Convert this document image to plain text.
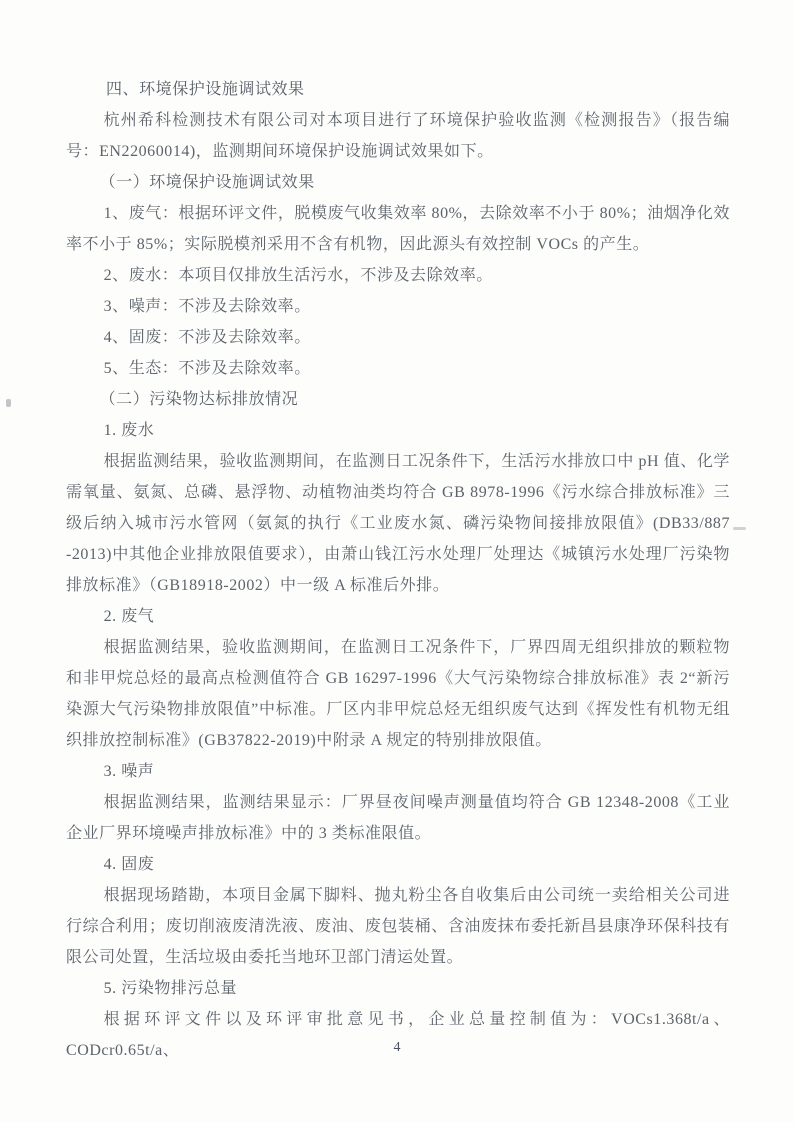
四、环境保护设施调试效果

杭州希科检测技术有限公司对本项目进行了环境保护验收监测《检测报告》（报告编号：EN22060014)，监测期间环境保护设施调试效果如下。

（一）环境保护设施调试效果

1、废气：根据环评文件，脱模废气收集效率 80%，去除效率不小于 80%；油烟净化效率不小于 85%；实际脱模剂采用不含有机物，因此源头有效控制 VOCs 的产生。

2、废水：本项目仅排放生活污水，不涉及去除效率。

3、噪声：不涉及去除效率。

4、固废：不涉及去除效率。

5、生态：不涉及去除效率。

（二）污染物达标排放情况
1. 废水

根据监测结果，验收监测期间，在监测日工况条件下，生活污水排放口中 pH 值、化学需氧量、氨氮、总磷、悬浮物、动植物油类均符合 GB 8978-1996《污水综合排放标准》三级后纳入城市污水管网（氨氮的执行《工业废水氮、磷污染物间接排放限值》(DB33/887 -2013)中其他企业排放限值要求），由萧山钱江污水处理厂处理达《城镇污水处理厂污染物排放标准》（GB18918-2002）中一级 A 标准后外排。

2. 废气

根据监测结果，验收监测期间，在监测日工况条件下，厂界四周无组织排放的颗粒物和非甲烷总烃的最高点检测值符合 GB 16297-1996《大气污染物综合排放标准》表 2“新污染源大气污染物排放限值”中标准。厂区内非甲烷总烃无组织废气达到《挥发性有机物无组织排放控制标准》(GB37822-2019)中附录 A 规定的特别排放限值。

3. 噪声

根据监测结果，监测结果显示：厂界昼夜间噪声测量值均符合 GB 12348-2008《工业企业厂界环境噪声排放标准》中的 3 类标准限值。

4. 固废

根据现场踏勘，本项目金属下脚料、抛丸粉尘各自收集后由公司统一卖给相关公司进行综合利用；废切削液废清洗液、废油、废包装桶、含油废抹布委托新昌县康净环保科技有限公司处置，生活垃圾由委托当地环卫部门清运处置。

5. 污染物排污总量

根据环评文件以及环评审批意见书，企业总量控制值为：VOCs1.368t/a、CODcr0.65t/a、	4
